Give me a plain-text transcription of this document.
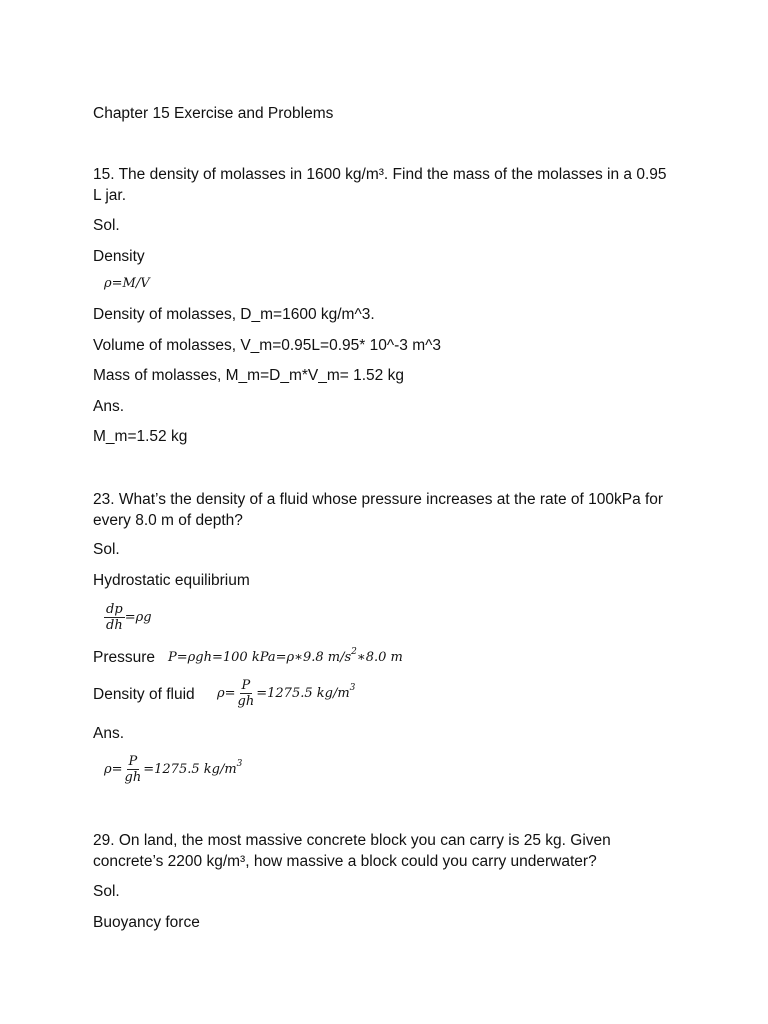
Chapter 15 Exercise and Problems
15. The density of molasses in 1600 kg/m³. Find the mass of the molasses in a 0.95 L jar.
Sol.
Density
ρ=M/V
Density of molasses, D_m=1600 kg/m^3.
Volume of molasses, V_m=0.95L=0.95* 10^-3 m^3
Mass of molasses, M_m=D_m*V_m= 1.52 kg
Ans.
M_m=1.52 kg
23. What’s the density of a fluid whose pressure increases at the rate of 100kPa for every 8.0 m of depth?
Sol.
Hydrostatic equilibrium
$\frac{dp}{dh} =\rho g$
Pressure P=ρgh=100 kPa=ρ∗9.8 $m/s^2∗8.0$ m
Density of fluid $\rho= \frac{P}{gh} =1275.5$ $kg/m^3$
Ans.
$\rho= \frac{P}{gh} =1275.5$ $kg/m^3$
29. On land, the most massive concrete block you can carry is 25 kg. Given concrete’s 2200 kg/m³, how massive a block could you carry underwater?
Sol.
Buoyancy force
